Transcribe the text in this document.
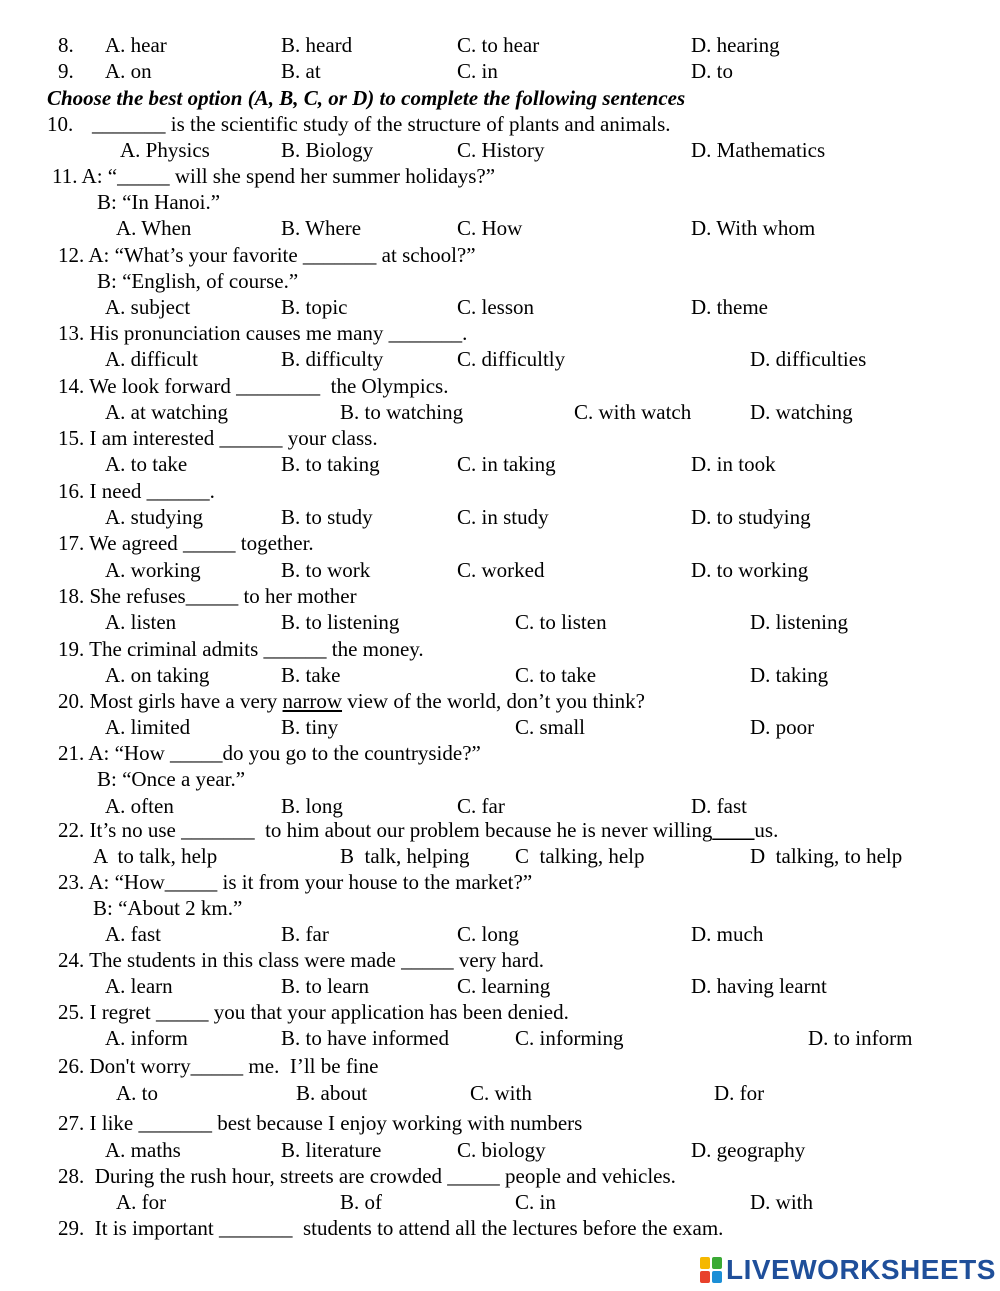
8. A. hear	B. heard	C. to hear	D. hearing
9. A. on	B. at	C. in	D. to
Choose the best option (A, B, C, or D) to complete the following sentences
10. _______ is the scientific study of the structure of plants and animals.
A. Physics	B. Biology	C. History	D. Mathematics
11. A: “_____ will she spend her summer holidays?”
B: “In Hanoi.”
A. When	B. Where	C. How	D. With whom
12. A: “What’s your favorite _______ at school?”
B: “English, of course.”
A. subject	B. topic	C. lesson	D. theme
13. His pronunciation causes me many _______.
A. difficult	B. difficulty	C. difficultly	D. difficulties
14. We look forward ________  the Olympics.
A. at watching	B. to watching	C. with watch	D. watching
15. I am interested ______ your class.
A. to take	B. to taking	C. in taking	D. in took
16. I need ______.
A. studying	B. to study	C. in study	D. to studying
17. We agreed _____ together.
A. working	B. to work	C. worked	D. to working
18. She refuses_____ to her mother
A. listen	B. to listening	C. to listen	D. listening
19. The criminal admits ______ the money.
A. on taking	B. take	C. to take	D. taking
20. Most girls have a very narrow view of the world, don’t you think?
A. limited	B. tiny	C. small	D. poor
21. A: “How _____do you go to the countryside?”
B: “Once a year.”
A. often	B. long	C. far	D. fast
22. It’s no use _______  to him about our problem because he is never willing____us.
A  to talk, help	B  talk, helping C  talking, help	D  talking, to help
23. A: “How_____ is it from your house to the market?”
B: “About 2 km.”
A. fast	B. far	C. long	D. much
24. The students in this class were made _____ very hard.
A. learn	B. to learn	C. learning	D. having learnt
25. I regret _____ you that your application has been denied.
A. inform	B. to have informed	C. informing	D. to inform
26. Don't worry_____ me.  I’ll be fine
A. to	B. about	C. with	D. for
27. I like _______ best because I enjoy working with numbers
A. maths	B. literature	C. biology	D. geography
28.  During the rush hour, streets are crowded _____ people and vehicles.
A. for	B. of	C. in	D. with
29.  It is important _______  students to attend all the lectures before the exam.
LIVEWORKSHEETS
